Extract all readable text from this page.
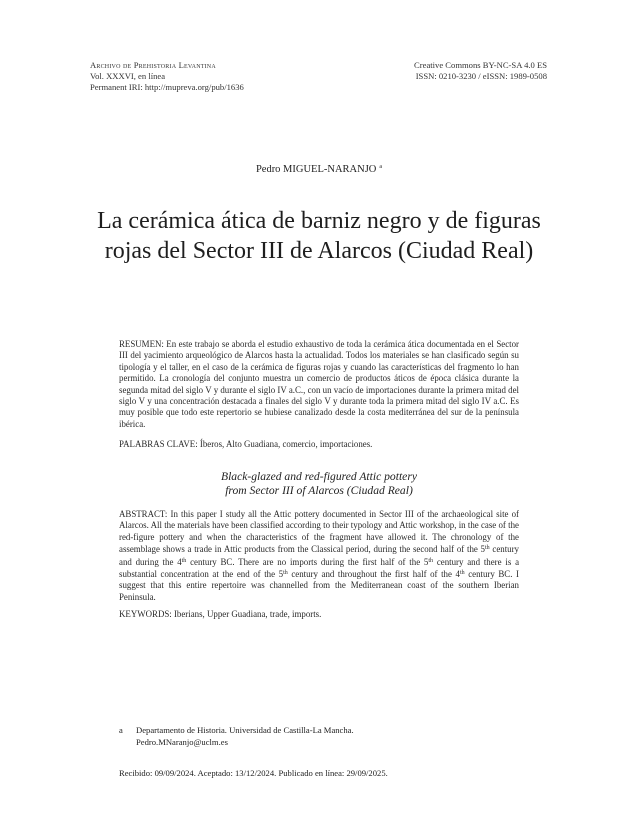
Archivo de Prehistoria Levantina
Vol. XXXVI, en línea
Permanent IRI: http://mupreva.org/pub/1636
Creative Commons BY-NC-SA 4.0 ES
ISSN: 0210-3230 / eISSN: 1989-0508
Pedro MIGUEL-NARANJO $^a$
La cerámica ática de barniz negro y de figuras
rojas del Sector III de Alarcos (Ciudad Real)
RESUMEN: En este trabajo se aborda el estudio exhaustivo de toda la cerámica ática documentada en el Sector III del yacimiento arqueológico de Alarcos hasta la actualidad. Todos los materiales se han clasificado según su tipología y el taller, en el caso de la cerámica de figuras rojas y cuando las características del fragmento lo han permitido. La cronología del conjunto muestra un comercio de productos áticos de época clásica durante la segunda mitad del siglo V y durante el siglo IV a.C., con un vacío de importaciones durante la primera mitad del siglo V y una concentración destacada a finales del siglo V y durante toda la primera mitad del siglo IV a.C. Es muy posible que todo este repertorio se hubiese canalizado desde la costa mediterránea del sur de la península ibérica.
PALABRAS CLAVE: Íberos, Alto Guadiana, comercio, importaciones.
Black-glazed and red-figured Attic pottery
from Sector III of Alarcos (Ciudad Real)
ABSTRACT: In this paper I study all the Attic pottery documented in Sector III of the archaeological site of Alarcos. All the materials have been classified according to their typology and Attic workshop, in the case of the red-figure pottery and when the characteristics of the fragment have allowed it. The chronology of the assemblage shows a trade in Attic products from the Classical period, during the second half of the 5th century and during the 4th century BC. There are no imports during the first half of the 5th century and there is a substantial concentration at the end of the 5th century and throughout the first half of the 4th century BC. I suggest that this entire repertoire was channelled from the Mediterranean coast of the southern Iberian Peninsula.
KEYWORDS: Iberians, Upper Guadiana, trade, imports.
a Departamento de Historia. Universidad de Castilla-La Mancha.
Pedro.MNaranjo@uclm.es
Recibido: 09/09/2024. Aceptado: 13/12/2024. Publicado en línea: 29/09/2025.
